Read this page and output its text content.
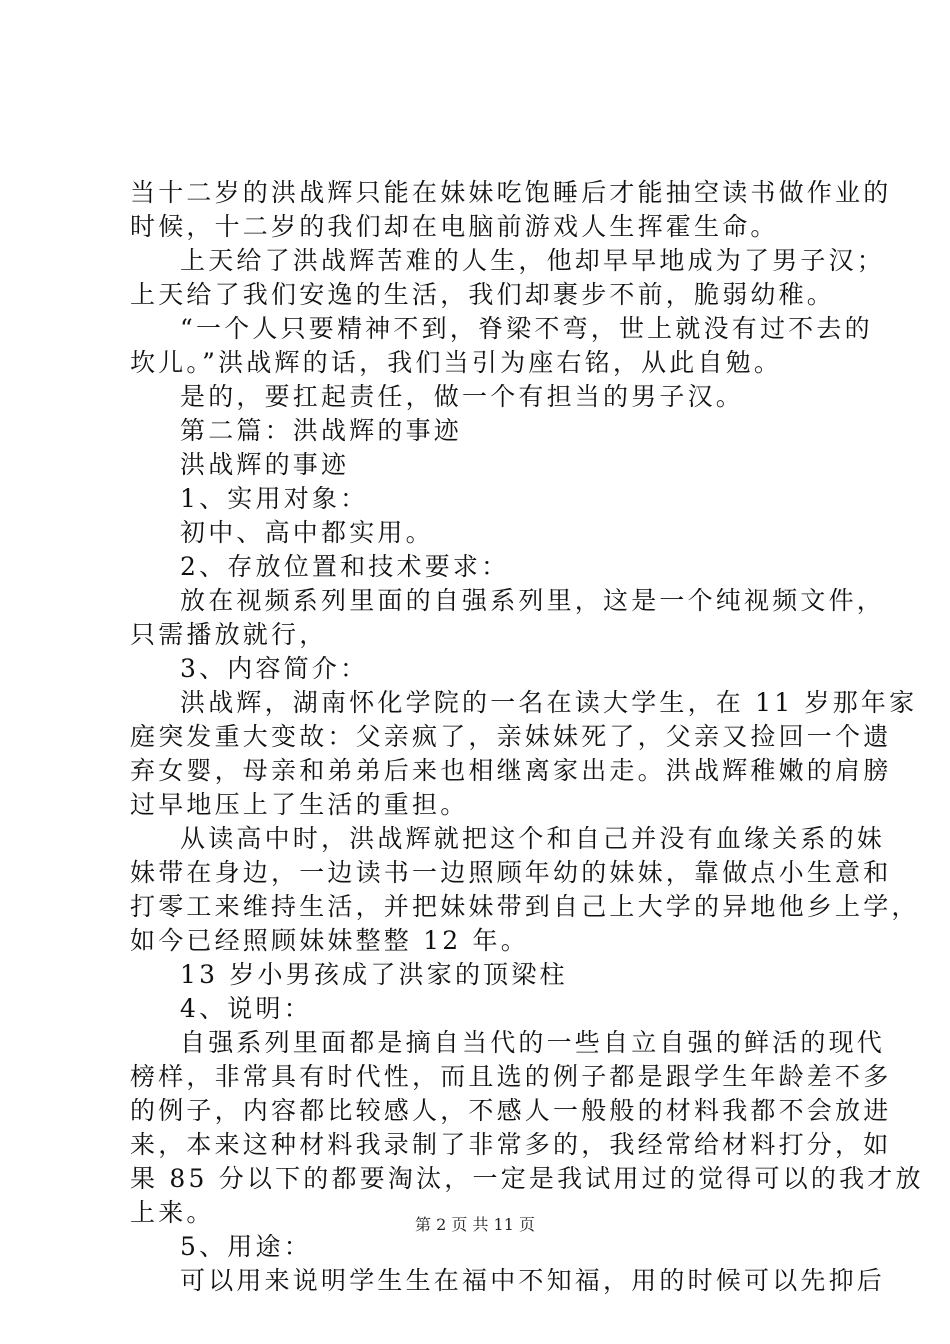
当十二岁的洪战辉只能在妹妹吃饱睡后才能抽空读书做作业的

时候，十二岁的我们却在电脑前游戏人生挥霍生命。

上天给了洪战辉苦难的人生，他却早早地成为了男子汉；

上天给了我们安逸的生活，我们却裹步不前，脆弱幼稚。

“一个人只要精神不到，脊梁不弯，世上就没有过不去的

坎儿。”洪战辉的话，我们当引为座右铭，从此自勉。

是的，要扛起责任，做一个有担当的男子汉。

第二篇：洪战辉的事迹

洪战辉的事迹

1、实用对象：

初中、高中都实用。

2、存放位置和技术要求：

放在视频系列里面的自强系列里，这是一个纯视频文件，

只需播放就行，

3、内容简介：

洪战辉，湖南怀化学院的一名在读大学生，在 11 岁那年家

庭突发重大变故：父亲疯了，亲妹妹死了，父亲又捡回一个遗

弃女婴，母亲和弟弟后来也相继离家出走。洪战辉稚嫩的肩膀

过早地压上了生活的重担。

从读高中时，洪战辉就把这个和自己并没有血缘关系的妹

妹带在身边，一边读书一边照顾年幼的妹妹，靠做点小生意和

打零工来维持生活，并把妹妹带到自己上大学的异地他乡上学，

如今已经照顾妹妹整整 12 年。

13 岁小男孩成了洪家的顶梁柱

4、说明：

自强系列里面都是摘自当代的一些自立自强的鲜活的现代

榜样，非常具有时代性，而且选的例子都是跟学生年龄差不多

的例子，内容都比较感人，不感人一般般的材料我都不会放进

来，本来这种材料我录制了非常多的，我经常给材料打分，如

果 85 分以下的都要淘汰，一定是我试用过的觉得可以的我才放

上来。

5、用途：

可以用来说明学生生在福中不知福，用的时候可以先抑后

第 2 页 共 11 页
